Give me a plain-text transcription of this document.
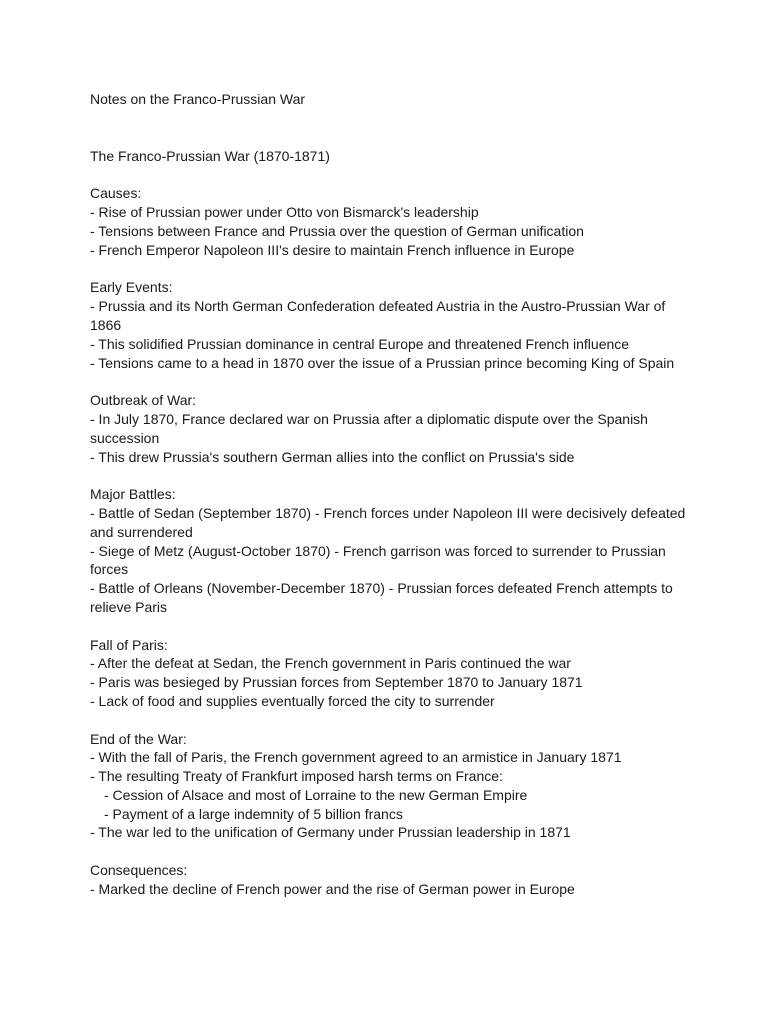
Notes on the Franco-Prussian War
The Franco-Prussian War (1870-1871)
Causes:
- Rise of Prussian power under Otto von Bismarck's leadership
- Tensions between France and Prussia over the question of German unification
- French Emperor Napoleon III's desire to maintain French influence in Europe
Early Events:
- Prussia and its North German Confederation defeated Austria in the Austro-Prussian War of 1866
- This solidified Prussian dominance in central Europe and threatened French influence
- Tensions came to a head in 1870 over the issue of a Prussian prince becoming King of Spain
Outbreak of War:
- In July 1870, France declared war on Prussia after a diplomatic dispute over the Spanish succession
- This drew Prussia's southern German allies into the conflict on Prussia's side
Major Battles:
- Battle of Sedan (September 1870) - French forces under Napoleon III were decisively defeated and surrendered
- Siege of Metz (August-October 1870) - French garrison was forced to surrender to Prussian forces
- Battle of Orleans (November-December 1870) - Prussian forces defeated French attempts to relieve Paris
Fall of Paris:
- After the defeat at Sedan, the French government in Paris continued the war
- Paris was besieged by Prussian forces from September 1870 to January 1871
- Lack of food and supplies eventually forced the city to surrender
End of the War:
- With the fall of Paris, the French government agreed to an armistice in January 1871
- The resulting Treaty of Frankfurt imposed harsh terms on France:
- Cession of Alsace and most of Lorraine to the new German Empire
- Payment of a large indemnity of 5 billion francs
- The war led to the unification of Germany under Prussian leadership in 1871
Consequences:
- Marked the decline of French power and the rise of German power in Europe
